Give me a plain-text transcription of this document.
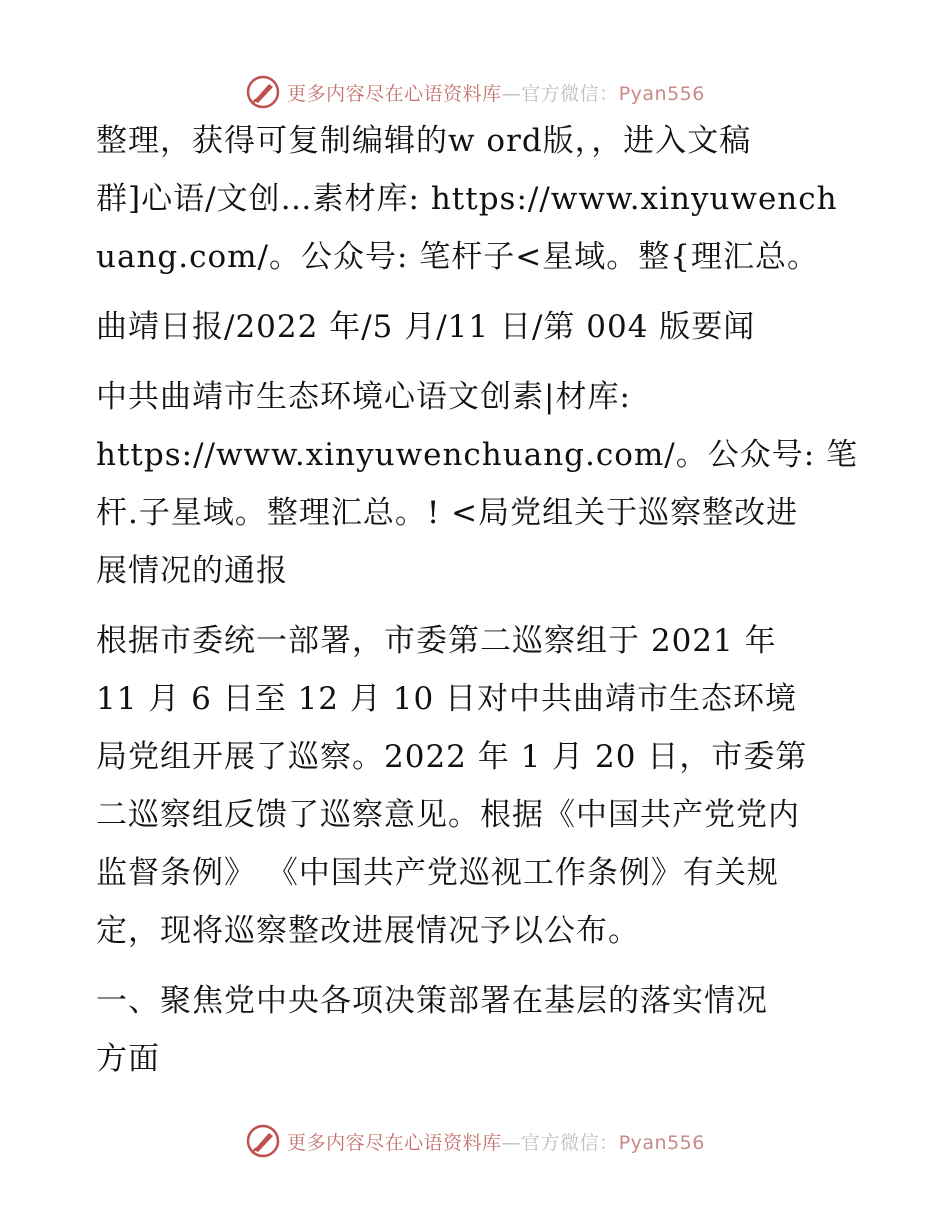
更多内容尽在心语资料库—官方微信：Pyan556

整理，获得可复制编辑的w ord版，，进入文稿
群]心语/文创…素材库: https://www.xinyuwench
uang.com/。公众号: 笔杆子<星域。整{理汇总。

曲靖日报/2022 年/5 月/11 日/第 004 版要闻

中共曲靖市生态环境心语文创素|材库:
https://www.xinyuwenchuang.com/。公众号: 笔
杆.子星域。整理汇总。! <局党组关于巡察整改进
展情况的通报

根据市委统一部署，市委第二巡察组于 2021 年
11 月 6 日至 12 月 10 日对中共曲靖市生态环境
局党组开展了巡察。2022 年 1 月 20 日，市委第
二巡察组反馈了巡察意见。根据《中国共产党党内
监督条例》 《中国共产党巡视工作条例》有关规
定，现将巡察整改进展情况予以公布。

一、聚焦党中央各项决策部署在基层的落实情况
方面

更多内容尽在心语资料库—官方微信：Pyan556
